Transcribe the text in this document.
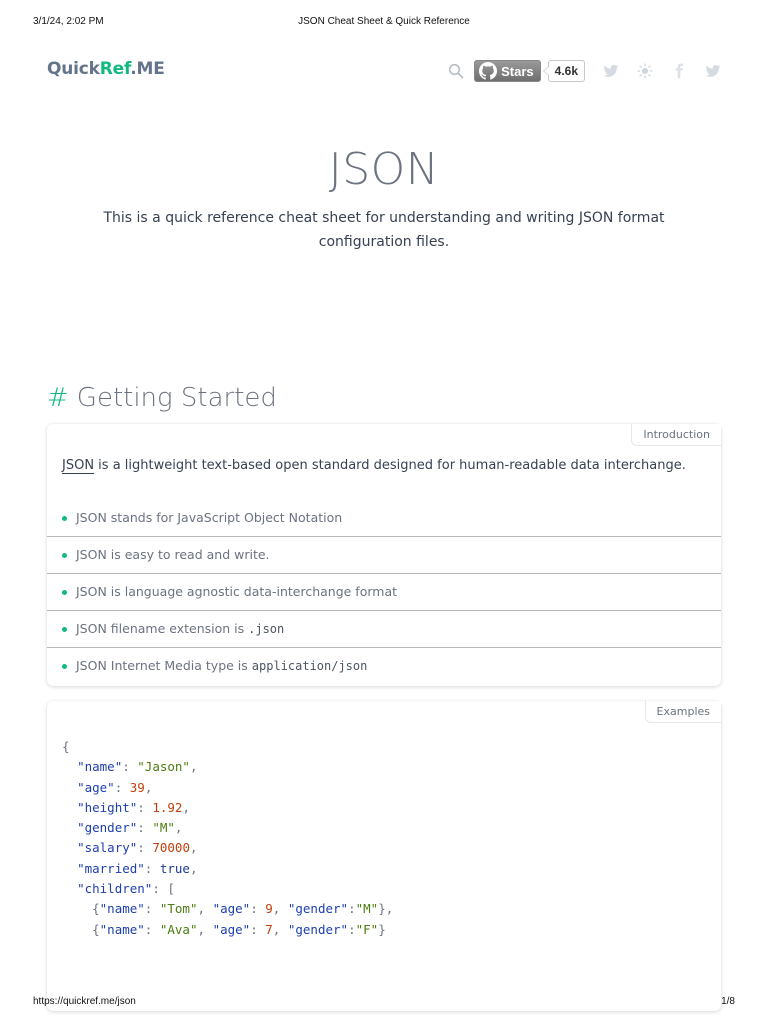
3/1/24, 2:02 PM	JSON Cheat Sheet & Quick Reference
QuickRef.ME	Stars	4.6k
JSON

This is a quick reference cheat sheet for understanding and writing JSON format configuration files.

# Getting Started
Introduction

JSON is a lightweight text-based open standard designed for human-readable data interchange.

JSON stands for JavaScript Object Notation
JSON is easy to read and write.
JSON is language agnostic data-interchange format
JSON filename extension is .json
JSON Internet Media type is application/json
Examples
{
"name": "Jason",
"age": 39,
"height": 1.92,
"gender": "M",
"salary": 70000,
"married": true,
"children": [
{"name": "Tom", "age": 9, "gender":"M"},
{"name": "Ava", "age": 7, "gender":"F"}
https://quickref.me/json	1/8
